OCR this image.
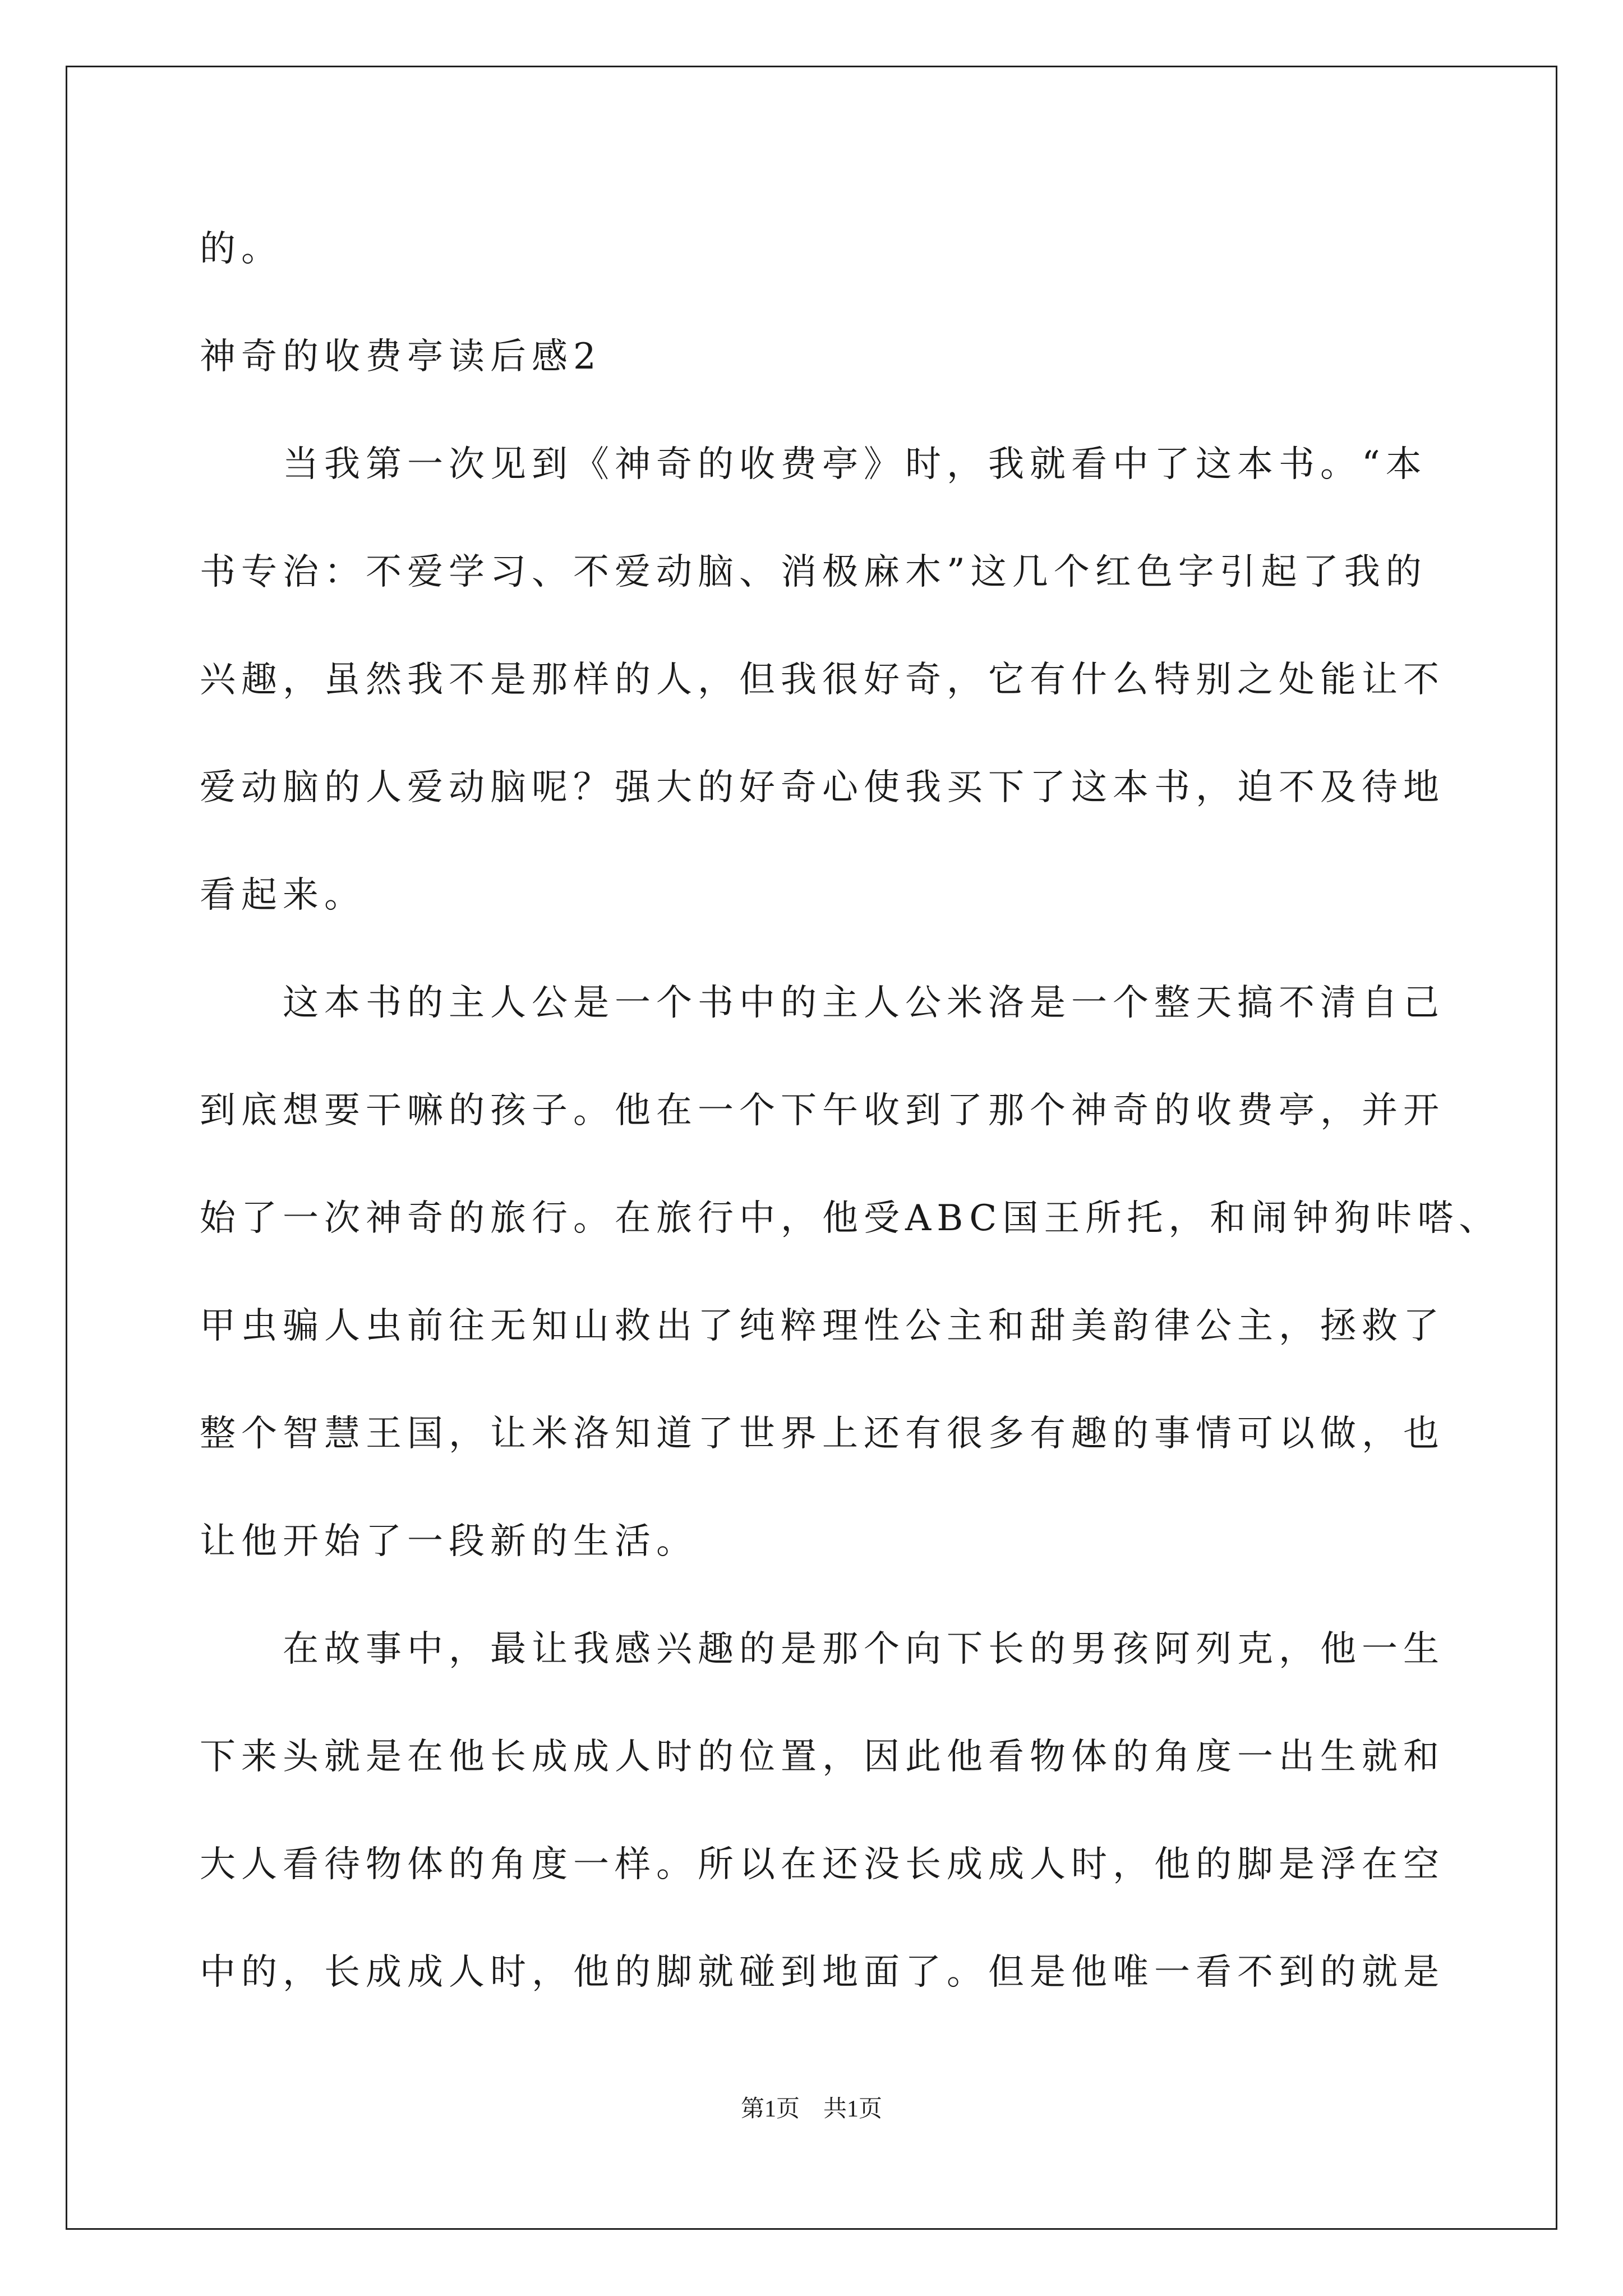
的。
神奇的收费亭读后感2
　　当我第一次见到《神奇的收费亭》时，我就看中了这本书。“本
书专治：不爱学习、不爱动脑、消极麻木”这几个红色字引起了我的
兴趣，虽然我不是那样的人，但我很好奇，它有什么特别之处能让不
爱动脑的人爱动脑呢？强大的好奇心使我买下了这本书，迫不及待地
看起来。
　　这本书的主人公是一个书中的主人公米洛是一个整天搞不清自己
到底想要干嘛的孩子。他在一个下午收到了那个神奇的收费亭，并开
始了一次神奇的旅行。在旅行中，他受ABC国王所托，和闹钟狗咔嗒、
甲虫骗人虫前往无知山救出了纯粹理性公主和甜美韵律公主，拯救了
整个智慧王国，让米洛知道了世界上还有很多有趣的事情可以做，也
让他开始了一段新的生活。
　　在故事中，最让我感兴趣的是那个向下长的男孩阿列克，他一生
下来头就是在他长成成人时的位置，因此他看物体的角度一出生就和
大人看待物体的角度一样。所以在还没长成成人时，他的脚是浮在空
中的，长成成人时，他的脚就碰到地面了。但是他唯一看不到的就是
第1页　共1页
